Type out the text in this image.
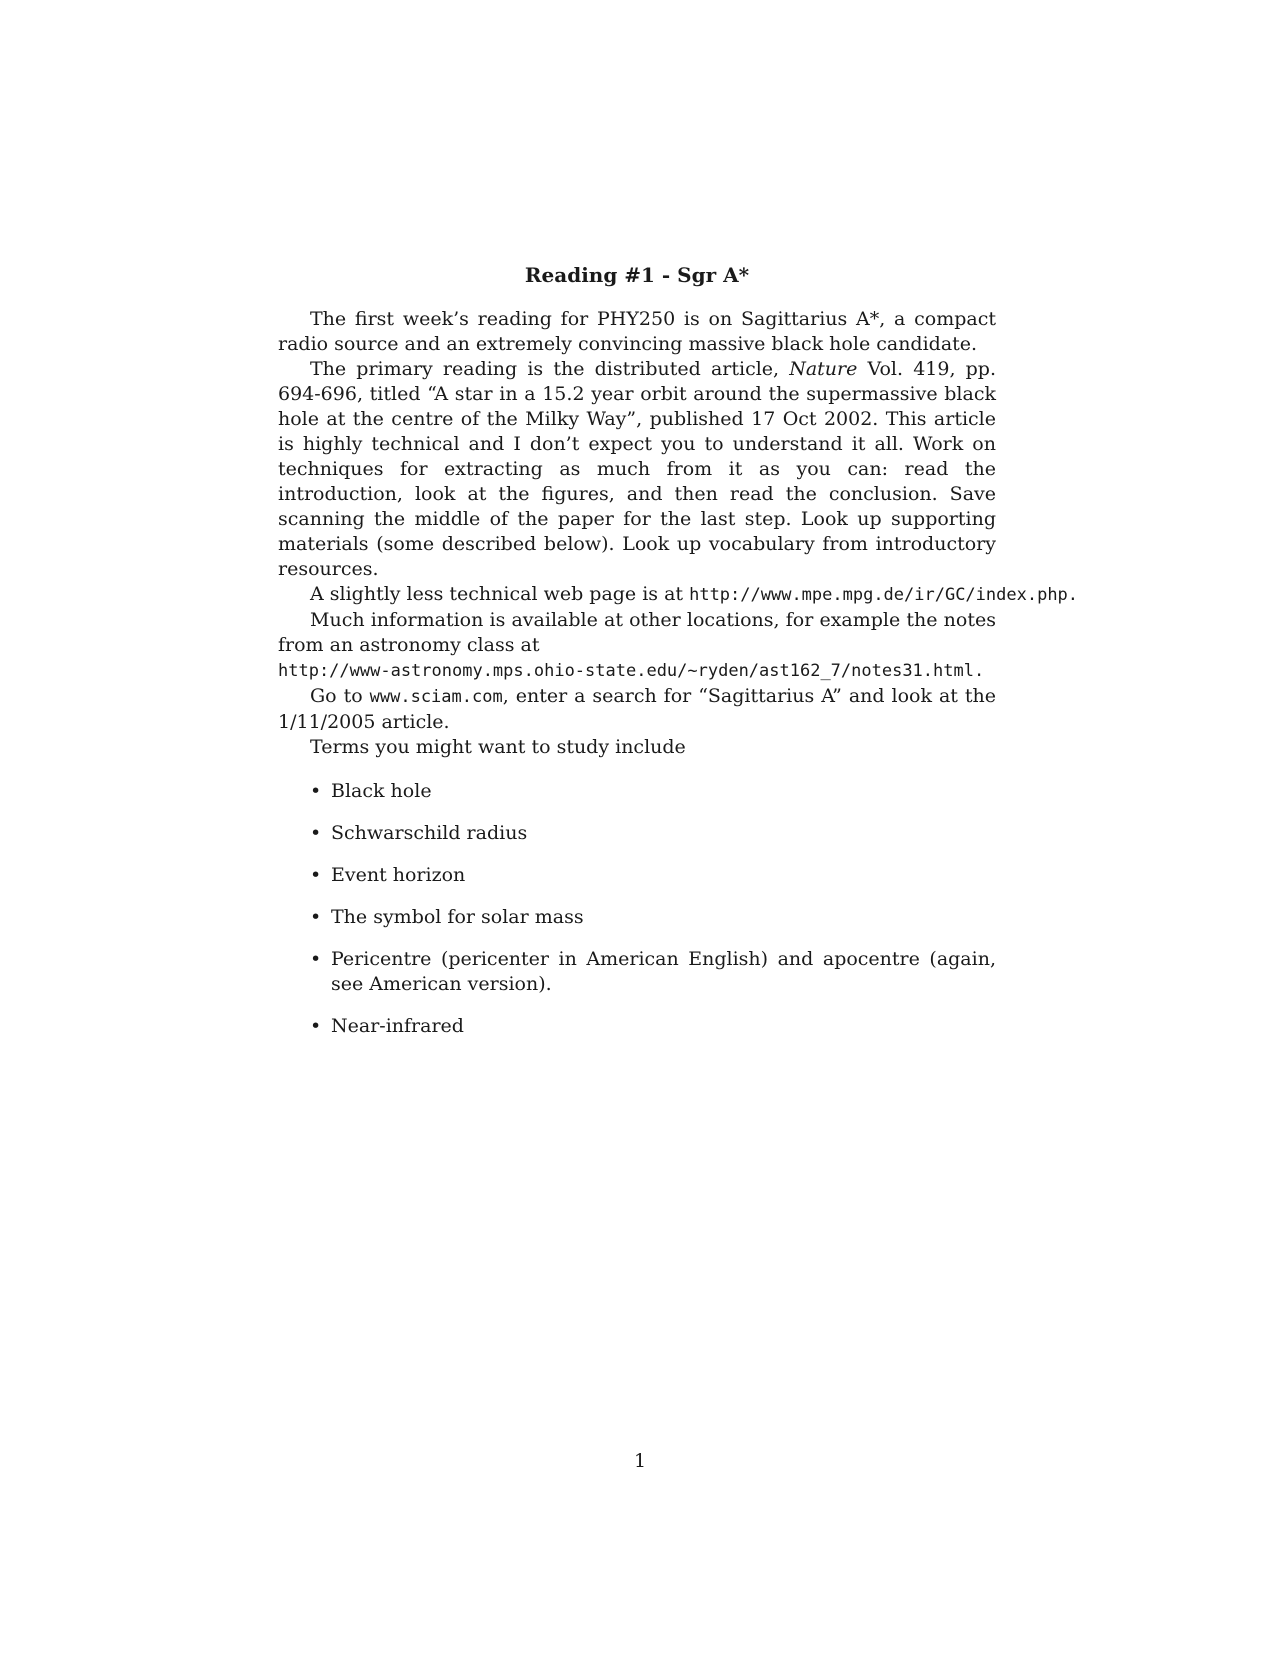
Reading #1 - Sgr A*

The first week’s reading for PHY250 is on Sagittarius A*, a compact radio source and an extremely convincing massive black hole candidate.

The primary reading is the distributed article, Nature Vol. 419, pp. 694-696, titled “A star in a 15.2 year orbit around the supermassive black hole at the centre of the Milky Way”, published 17 Oct 2002. This article is highly technical and I don’t expect you to understand it all. Work on techniques for extracting as much from it as you can: read the introduction, look at the figures, and then read the conclusion. Save scanning the middle of the paper for the last step. Look up supporting materials (some described below). Look up vocabulary from introductory resources.

A slightly less technical web page is at http://www.mpe.mpg.de/ir/GC/index.php.

Much information is available at other locations, for example the notes from an astronomy class at
http://www-astronomy.mps.ohio-state.edu/~ryden/ast162_7/notes31.html.

Go to www.sciam.com, enter a search for “Sagittarius A” and look at the 1/11/2005 article.

Terms you might want to study include

• Black hole
• Schwarschild radius
• Event horizon
• The symbol for solar mass
• Pericentre (pericenter in American English) and apocentre (again, see American version).
• Near-infrared
1
